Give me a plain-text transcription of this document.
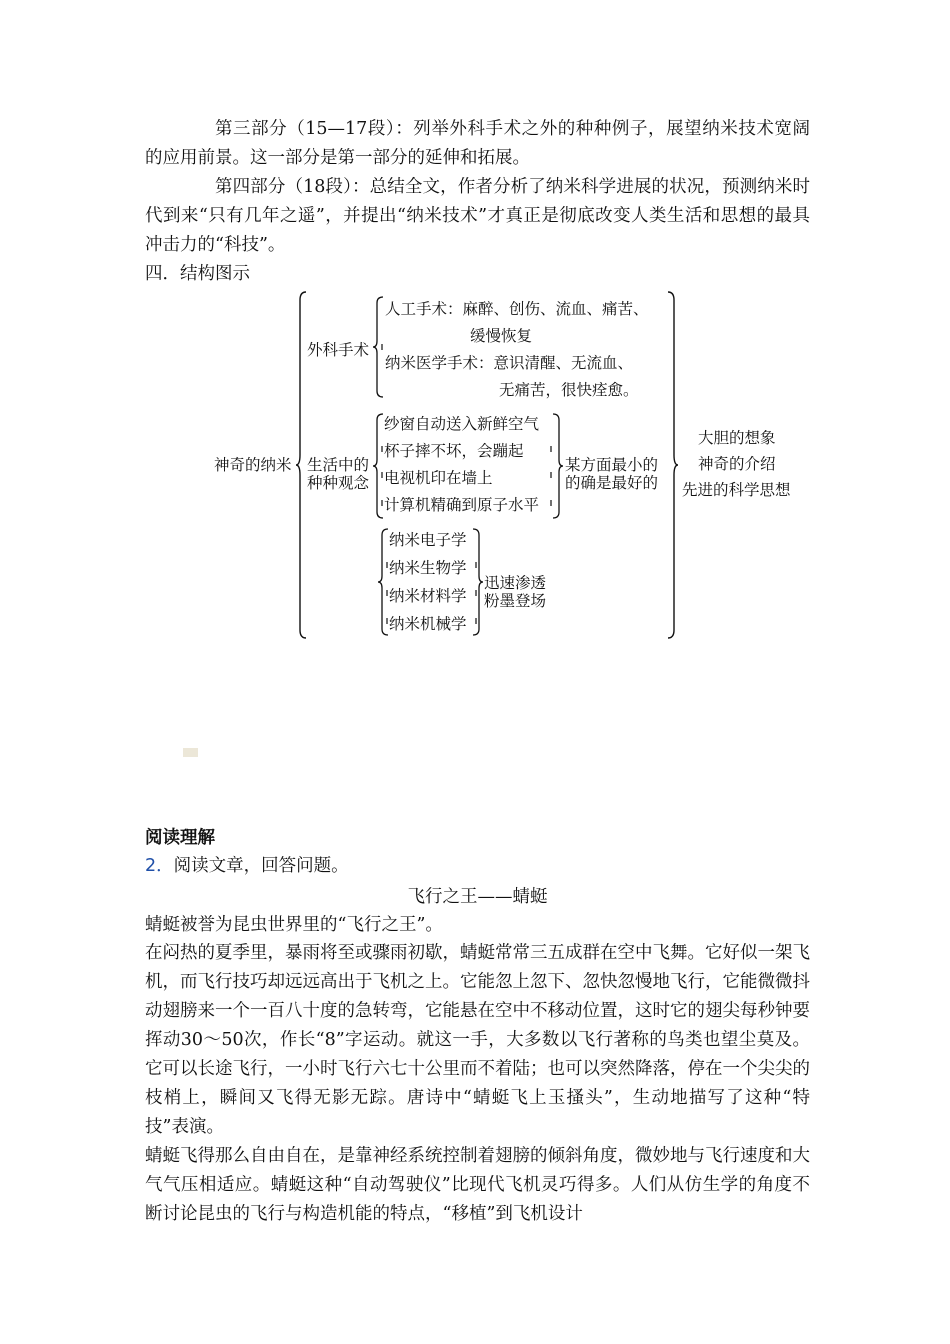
第三部分（15—17段）：列举外科手术之外的种种例子，展望纳米技术宽阔的应用前景。这一部分是第一部分的延伸和拓展。

第四部分（18段）：总结全文，作者分析了纳米科学进展的状况，预测纳米时代到来“只有几年之遥”，并提出“纳米技术”才真正是彻底改变人类生活和思想的最具冲击力的“科技”。

四．结构图示

神奇的纳米
外科手术
人工手术：麻醉、创伤、流血、痛苦、
缓慢恢复
纳米医学手术：意识清醒、无流血、
无痛苦，很快痊愈。
生活中的
种种观念
纱窗自动送入新鲜空气
杯子摔不坏，会蹦起
电视机印在墙上
计算机精确到原子水平
某方面最小的
的确是最好的
纳米电子学
纳米生物学
纳米材料学
纳米机械学
迅速渗透
粉墨登场
大胆的想象
神奇的介绍
先进的科学思想

阅读理解

2．阅读文章，回答问题。

飞行之王——蜻蜓

蜻蜓被誉为昆虫世界里的“飞行之王”。

在闷热的夏季里，暴雨将至或骤雨初歇，蜻蜓常常三五成群在空中飞舞。它好似一架飞机，而飞行技巧却远远高出于飞机之上。它能忽上忽下、忽快忽慢地飞行，它能微微抖动翅膀来一个一百八十度的急转弯，它能悬在空中不移动位置，这时它的翅尖每秒钟要挥动30～50次，作长“8”字运动。就这一手，大多数以飞行著称的鸟类也望尘莫及。它可以长途飞行，一小时飞行六七十公里而不着陆；也可以突然降落，停在一个尖尖的枝梢上，瞬间又飞得无影无踪。唐诗中“蜻蜓飞上玉搔头”，生动地描写了这种“特技”表演。

蜻蜓飞得那么自由自在，是靠神经系统控制着翅膀的倾斜角度，微妙地与飞行速度和大气气压相适应。蜻蜓这种“自动驾驶仪”比现代飞机灵巧得多。人们从仿生学的角度不断讨论昆虫的飞行与构造机能的特点，“移植”到飞机设计
